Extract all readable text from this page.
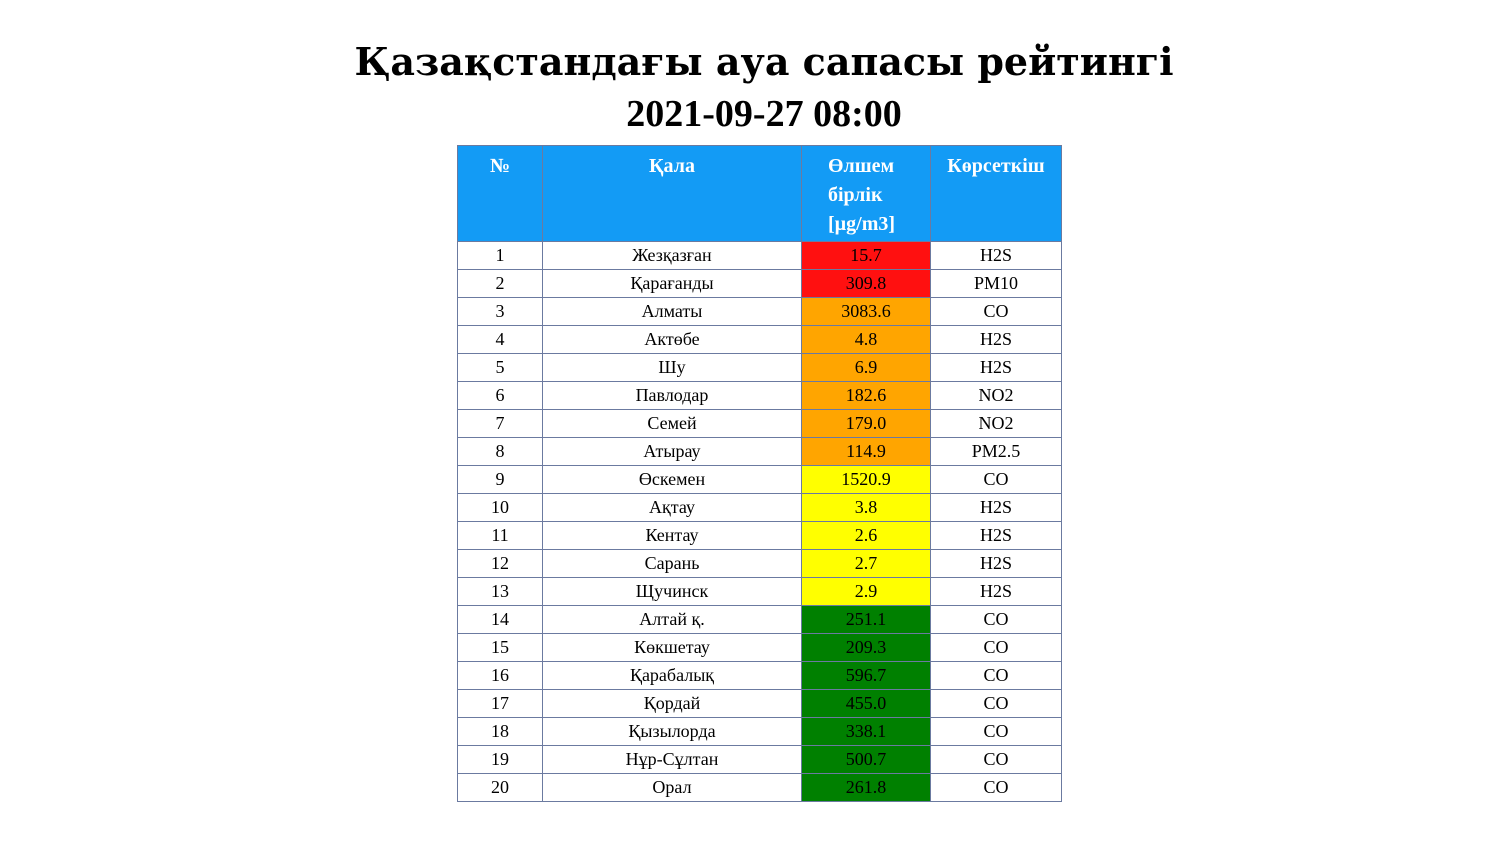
Қазақстандағы ауа сапасы рейтингі
2021-09-27 08:00
№	Қала	Өлшем бірлік [µg/m3]	Көрсеткіш
1	Жезқазған	15.7	H2S
2	Қарағанды	309.8	PM10
3	Алматы	3083.6	CO
4	Актөбе	4.8	H2S
5	Шу	6.9	H2S
6	Павлодар	182.6	NO2
7	Семей	179.0	NO2
8	Атырау	114.9	PM2.5
9	Өскемен	1520.9	CO
10	Ақтау	3.8	H2S
11	Кентау	2.6	H2S
12	Сарань	2.7	H2S
13	Щучинск	2.9	H2S
14	Алтай қ.	251.1	CO
15	Көкшетау	209.3	CO
16	Қарабалық	596.7	CO
17	Қордай	455.0	CO
18	Қызылорда	338.1	CO
19	Нұр-Сұлтан	500.7	CO
20	Орал	261.8	CO
